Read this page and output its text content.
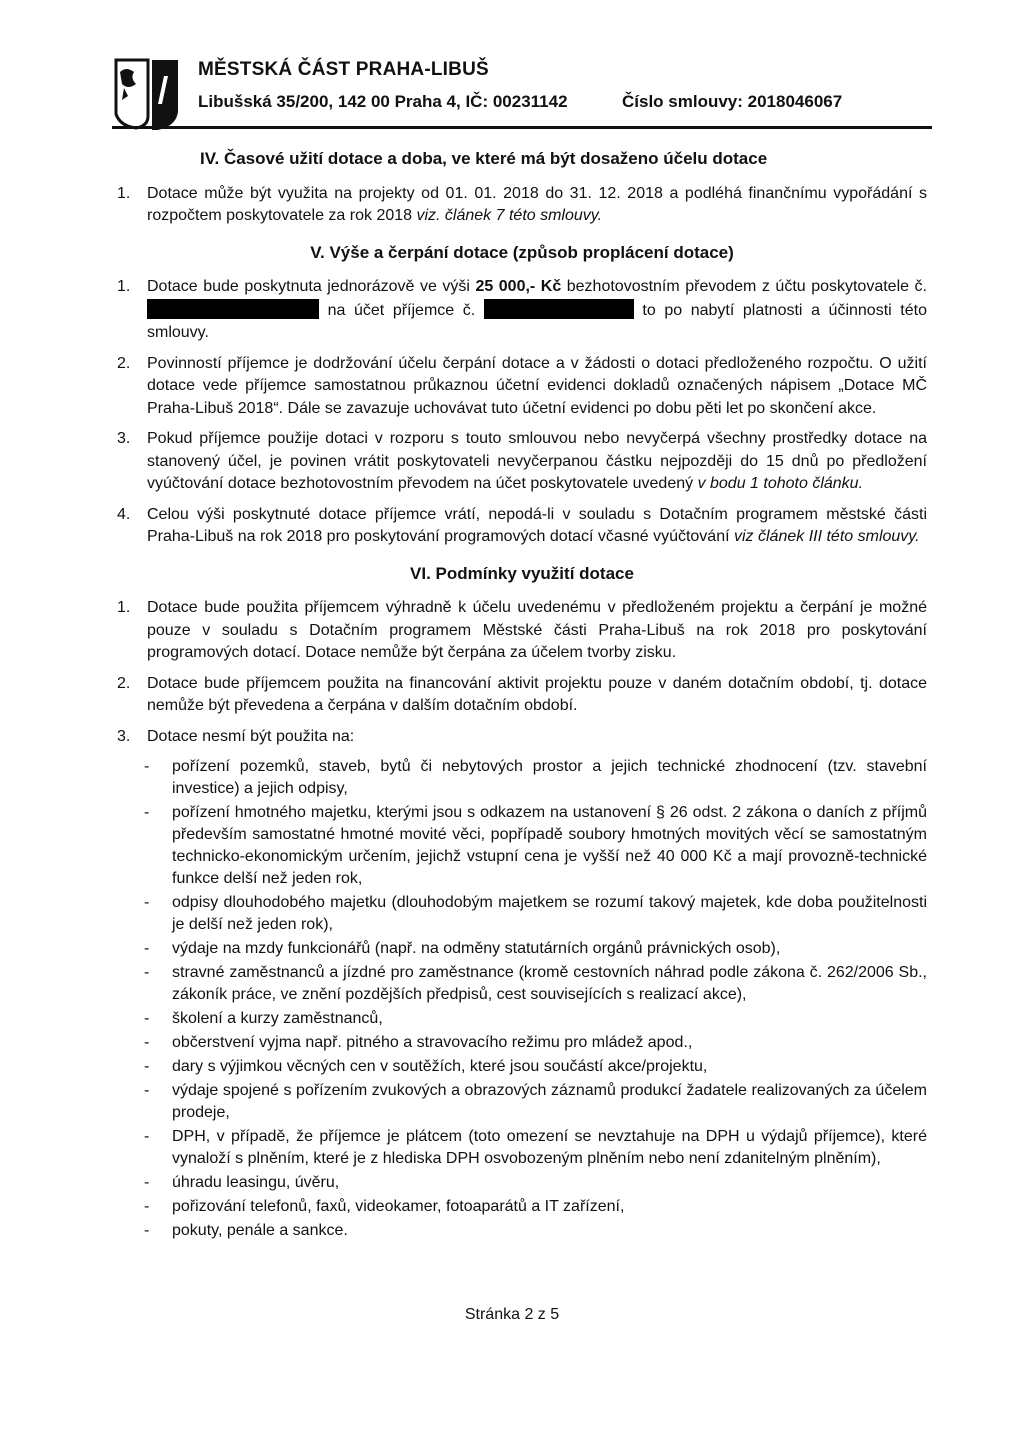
MĚSTSKÁ ČÁST PRAHA-LIBUŠ
Libušská 35/200, 142 00 Praha 4, IČ: 00231142	Číslo smlouvy: 2018046067
IV. Časové užití dotace a doba, ve které má být dosaženo účelu dotace
1. Dotace může být využita na projekty od 01. 01. 2018 do 31. 12. 2018 a podléhá finančnímu vypořádání s rozpočtem poskytovatele za rok 2018 viz. článek 7 této smlouvy.

V. Výše a čerpání dotace (způsob proplácení dotace)
1. Dotace bude poskytnuta jednorázově ve výši 25 000,- Kč bezhotovostním převodem z účtu poskytovatele č.  na účet příjemce č.	to po nabytí platnosti a účinnosti této smlouvy.

2. Povinností příjemce je dodržování účelu čerpání dotace a v žádosti o dotaci předloženého rozpočtu. O užití dotace vede příjemce samostatnou průkaznou účetní evidenci dokladů označených nápisem „Dotace MČ Praha-Libuš 2018“. Dále se zavazuje uchovávat tuto účetní evidenci po dobu pěti let po skončení akce.

3. Pokud příjemce použije dotaci v rozporu s touto smlouvou nebo nevyčerpá všechny prostředky dotace na stanovený účel, je povinen vrátit poskytovateli nevyčerpanou částku nejpozději do 15 dnů po předložení vyúčtování dotace bezhotovostním převodem na účet poskytovatele uvedený v bodu 1 tohoto článku.

4. Celou výši poskytnuté dotace příjemce vrátí, nepodá-li v souladu s Dotačním programem městské části Praha-Libuš na rok 2018 pro poskytování programových dotací včasné vyúčtování viz článek III této smlouvy.

VI. Podmínky využití dotace
1. Dotace bude použita příjemcem výhradně k účelu uvedenému v předloženém projektu a čerpání je možné pouze v souladu s Dotačním programem Městské části Praha-Libuš na rok 2018 pro poskytování programových dotací. Dotace nemůže být čerpána za účelem tvorby zisku.

2. Dotace bude příjemcem použita na financování aktivit projektu pouze v daném dotačním období, tj. dotace nemůže být převedena a čerpána v dalším dotačním období.

3. Dotace nesmí být použita na:

- pořízení pozemků, staveb, bytů či nebytových prostor a jejich technické zhodnocení (tzv. stavební investice) a jejich odpisy,
- pořízení hmotného majetku, kterými jsou s odkazem na ustanovení § 26 odst. 2 zákona o daních z příjmů především samostatné hmotné movité věci, popřípadě soubory hmotných movitých věcí se samostatným technicko-ekonomickým určením, jejichž vstupní cena je vyšší než 40 000 Kč a mají provozně-technické funkce delší než jeden rok,
- odpisy dlouhodobého majetku (dlouhodobým majetkem se rozumí takový majetek, kde doba použitelnosti je delší než jeden rok),
- výdaje na mzdy funkcionářů (např. na odměny statutárních orgánů právnických osob),
- stravné zaměstnanců a jízdné pro zaměstnance (kromě cestovních náhrad podle zákona č. 262/2006 Sb., zákoník práce, ve znění pozdějších předpisů, cest souvisejících s realizací akce),
- školení a kurzy zaměstnanců,
- občerstvení vyjma např. pitného a stravovacího režimu pro mládež apod.,
- dary s výjimkou věcných cen v soutěžích, které jsou součástí akce/projektu,
- výdaje spojené s pořízením zvukových a obrazových záznamů produkcí žadatele realizovaných za účelem prodeje,
- DPH, v případě, že příjemce je plátcem (toto omezení se nevztahuje na DPH u výdajů příjemce), které vynaloží s plněním, které je z hlediska DPH osvobozeným plněním nebo není zdanitelným plněním),
- úhradu leasingu, úvěru,
- pořizování telefonů, faxů, videokamer, fotoaparátů a IT zařízení,
- pokuty, penále a sankce.
Stránka 2 z 5
